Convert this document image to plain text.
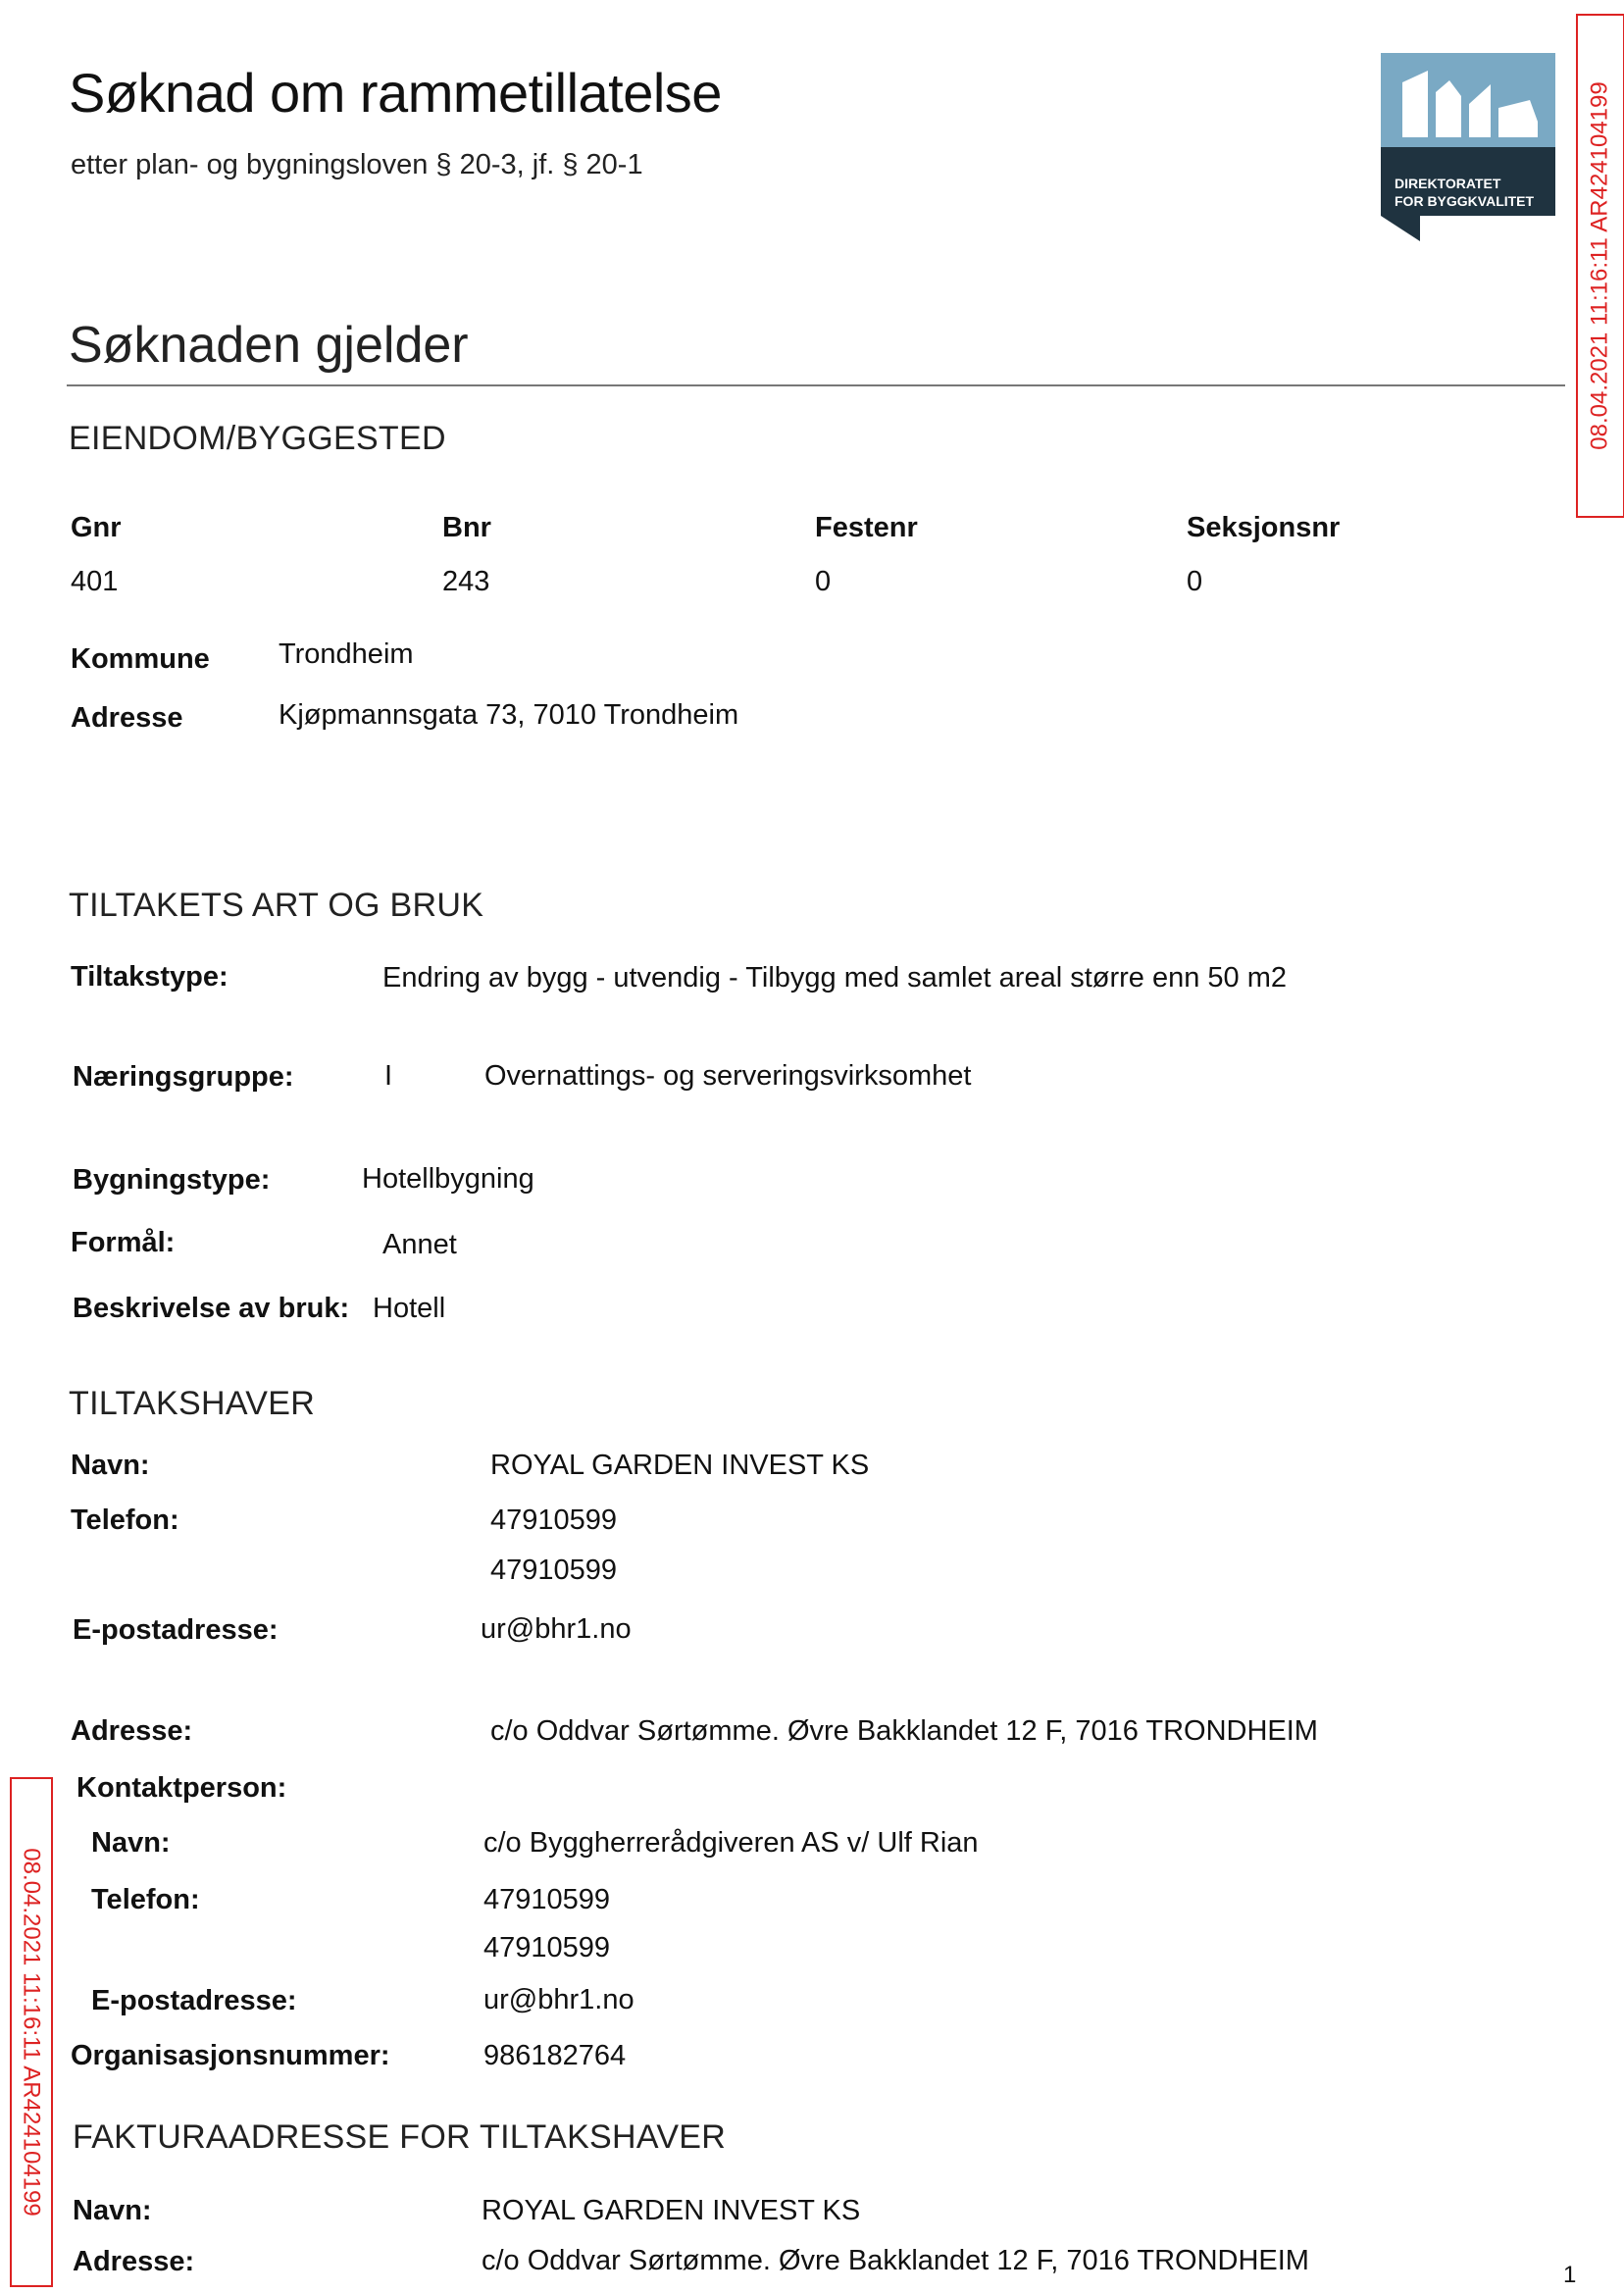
Søknad om rammetillatelse
etter plan- og bygningsloven § 20-3, jf. § 20-1
DIREKTORATET
FOR BYGGKVALITET 08.04.2021 11:16:11 AR424104199
08.04.2021 11:16:11 AR424104199
Søknaden gjelder
EIENDOM/BYGGESTED
Gnr	Bnr	Festenr	Seksjonsnr
401	243	0	0
Kommune Trondheim
Adresse	Kjøpmannsgata 73, 7010 Trondheim
TILTAKETS ART OG BRUK
Tiltakstype:	Endring av bygg - utvendig - Tilbygg med samlet areal større enn 50 m2
Næringsgruppe:	I	Overnattings- og serveringsvirksomhet
Bygningstype:	Hotellbygning
Formål:	Annet
Beskrivelse av bruk: Hotell
TILTAKSHAVER
Navn:	ROYAL GARDEN INVEST KS
Telefon:	47910599
47910599
E-postadresse:	ur@bhr1.no
Adresse:	c/o Oddvar Sørtømme. Øvre Bakklandet 12 F, 7016 TRONDHEIM
Kontaktperson:
Navn:	c/o Byggherrerådgiveren AS v/ Ulf Rian
Telefon:	47910599
47910599
E-postadresse:	ur@bhr1.no
Organisasjonsnummer:	986182764
FAKTURAADRESSE FOR TILTAKSHAVER
Navn:	ROYAL GARDEN INVEST KS
Adresse:	c/o Oddvar Sørtømme. Øvre Bakklandet 12 F, 7016 TRONDHEIM	1
